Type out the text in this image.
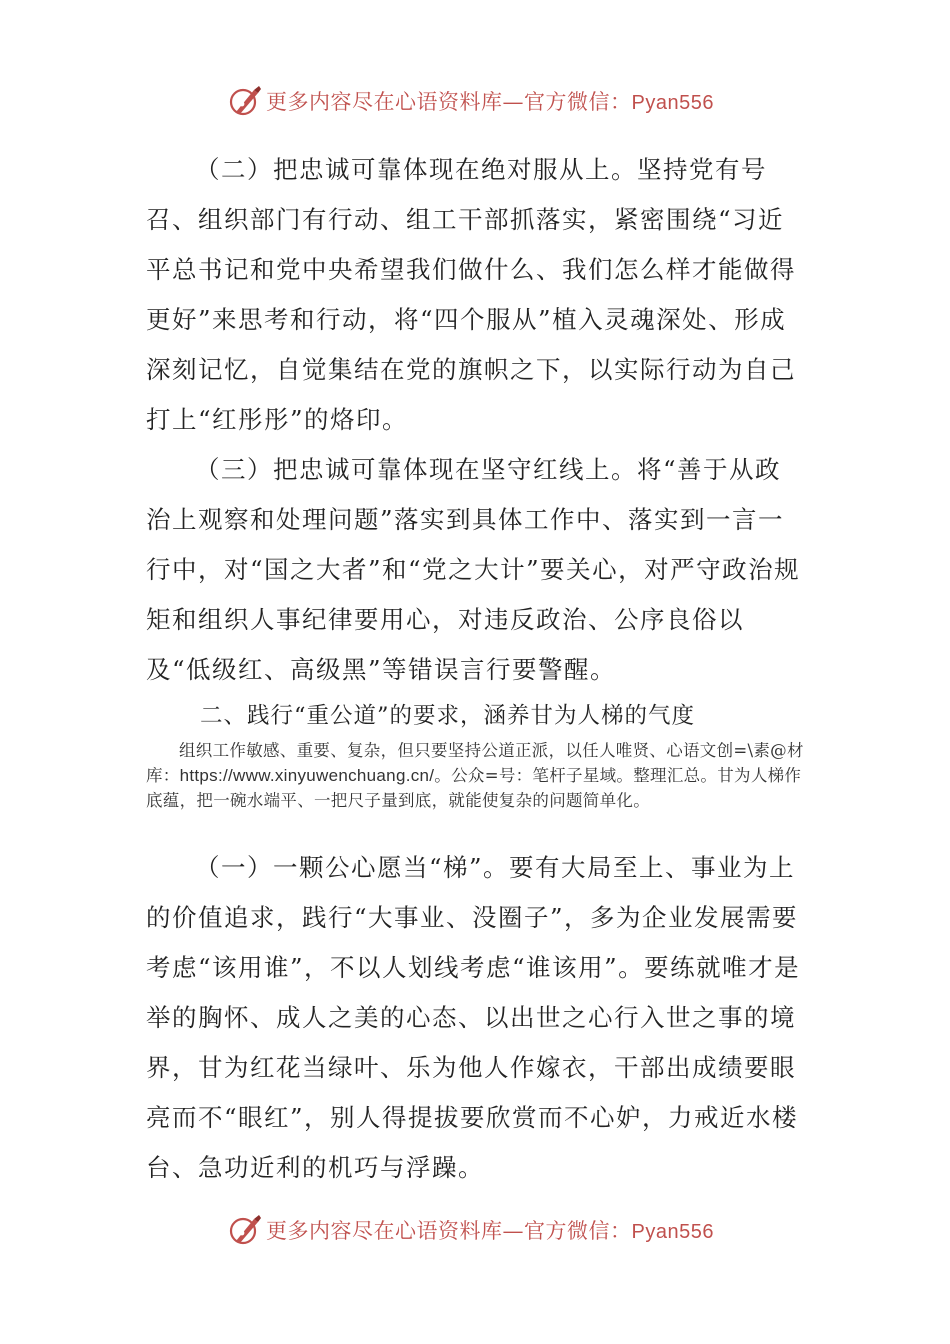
更多内容尽在心语资料库—官方微信：Pyan556

（二）把忠诚可靠体现在绝对服从上。坚持党有号召、组织部门有行动、组工干部抓落实，紧密围绕“习近平总书记和党中央希望我们做什么、我们怎么样才能做得更好”来思考和行动，将“四个服从”植入灵魂深处、形成深刻记忆，自觉集结在党的旗帜之下，以实际行动为自己打上“红彤彤”的烙印。

（三）把忠诚可靠体现在坚守红线上。将“善于从政治上观察和处理问题”落实到具体工作中、落实到一言一行中，对“国之大者”和“党之大计”要关心，对严守政治规矩和组织人事纪律要用心，对违反政治、公序良俗以及“低级红、高级黑”等错误言行要警醒。

二、践行“重公道”的要求，涵养甘为人梯的气度

组织工作敏感、重要、复杂，但只要坚持公道正派，以任人唯贤、心语文创=\素@材库：https://www.xinyuwenchuang.cn/。公众=号：笔杆子星域。整理汇总。甘为人梯作底蕴，把一碗水端平、一把尺子量到底，就能使复杂的问题简单化。

（一）一颗公心愿当“梯”。要有大局至上、事业为上的价值追求，践行“大事业、没圈子”，多为企业发展需要考虑“该用谁”，不以人划线考虑“谁该用”。要练就唯才是举的胸怀、成人之美的心态、以出世之心行入世之事的境界，甘为红花当绿叶、乐为他人作嫁衣，干部出成绩要眼亮而不“眼红”，别人得提拔要欣赏而不心妒，力戒近水楼台、急功近利的机巧与浮躁。

更多内容尽在心语资料库—官方微信：Pyan556
